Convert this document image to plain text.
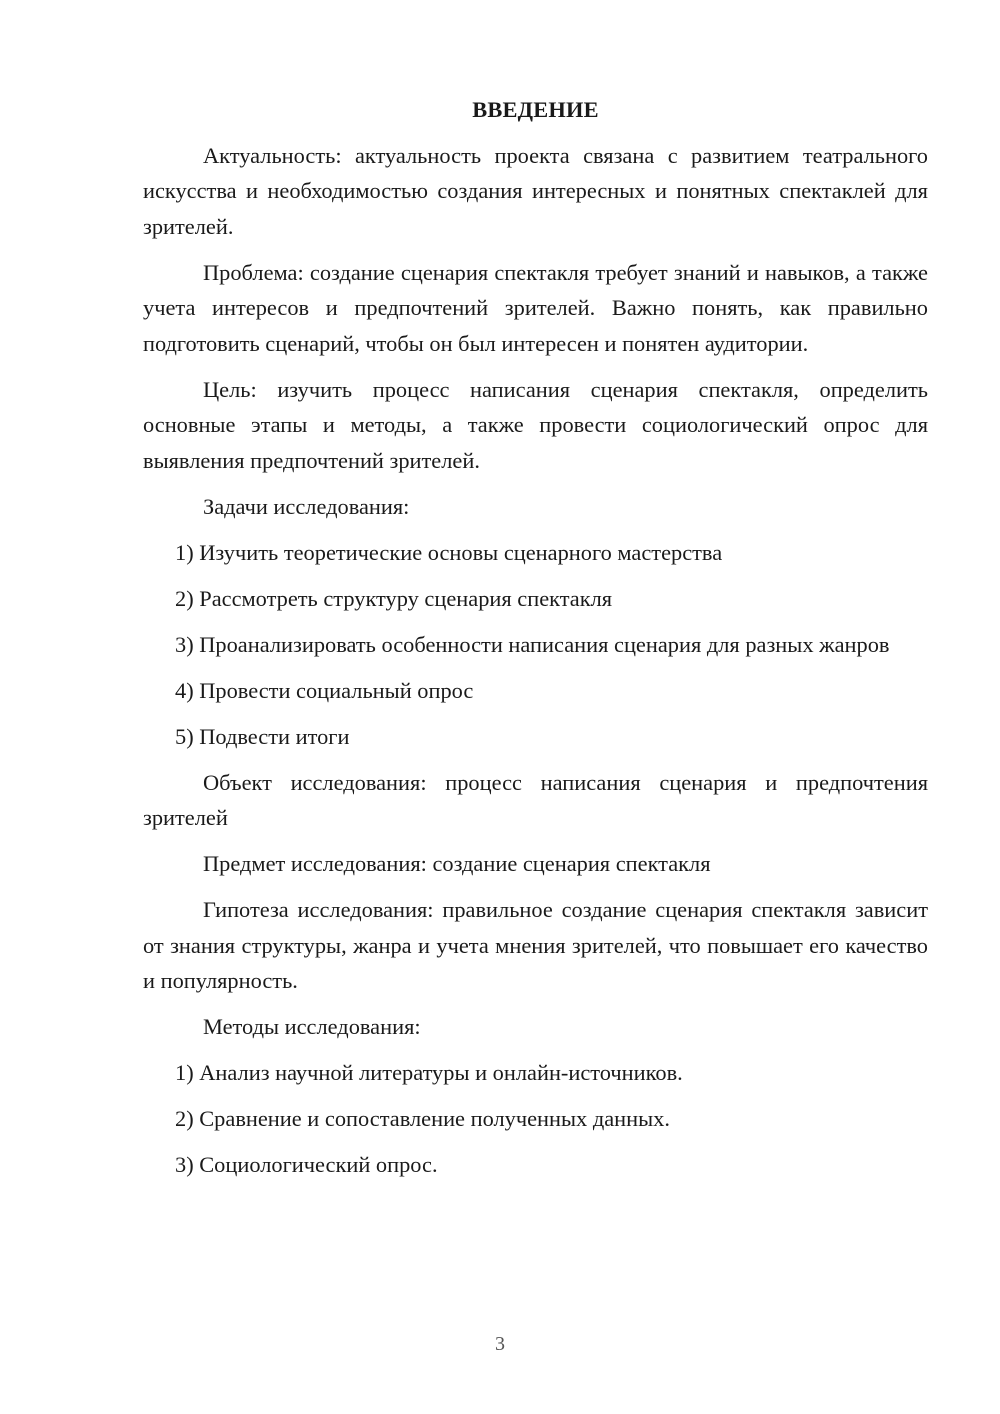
ВВЕДЕНИЕ
Актуальность: актуальность проекта связана с развитием театрального искусства и необходимостью создания интересных и понятных спектаклей для зрителей.
Проблема: создание сценария спектакля требует знаний и навыков, а также учета интересов и предпочтений зрителей. Важно понять, как правильно подготовить сценарий, чтобы он был интересен и понятен аудитории.
Цель: изучить процесс написания сценария спектакля, определить основные этапы и методы, а также провести социологический опрос для выявления предпочтений зрителей.
Задачи исследования:
1) Изучить теоретические основы сценарного мастерства
2) Рассмотреть структуру сценария спектакля
3) Проанализировать особенности написания сценария для разных жанров
4) Провести социальный опрос
5) Подвести итоги
Объект исследования: процесс написания сценария и предпочтения зрителей
Предмет исследования: создание сценария спектакля
Гипотеза исследования: правильное создание сценария спектакля зависит от знания структуры, жанра и учета мнения зрителей, что повышает его качество и популярность.
Методы исследования:
1) Анализ научной литературы и онлайн-источников.
2) Сравнение и сопоставление полученных данных.
3) Социологический опрос.
3
